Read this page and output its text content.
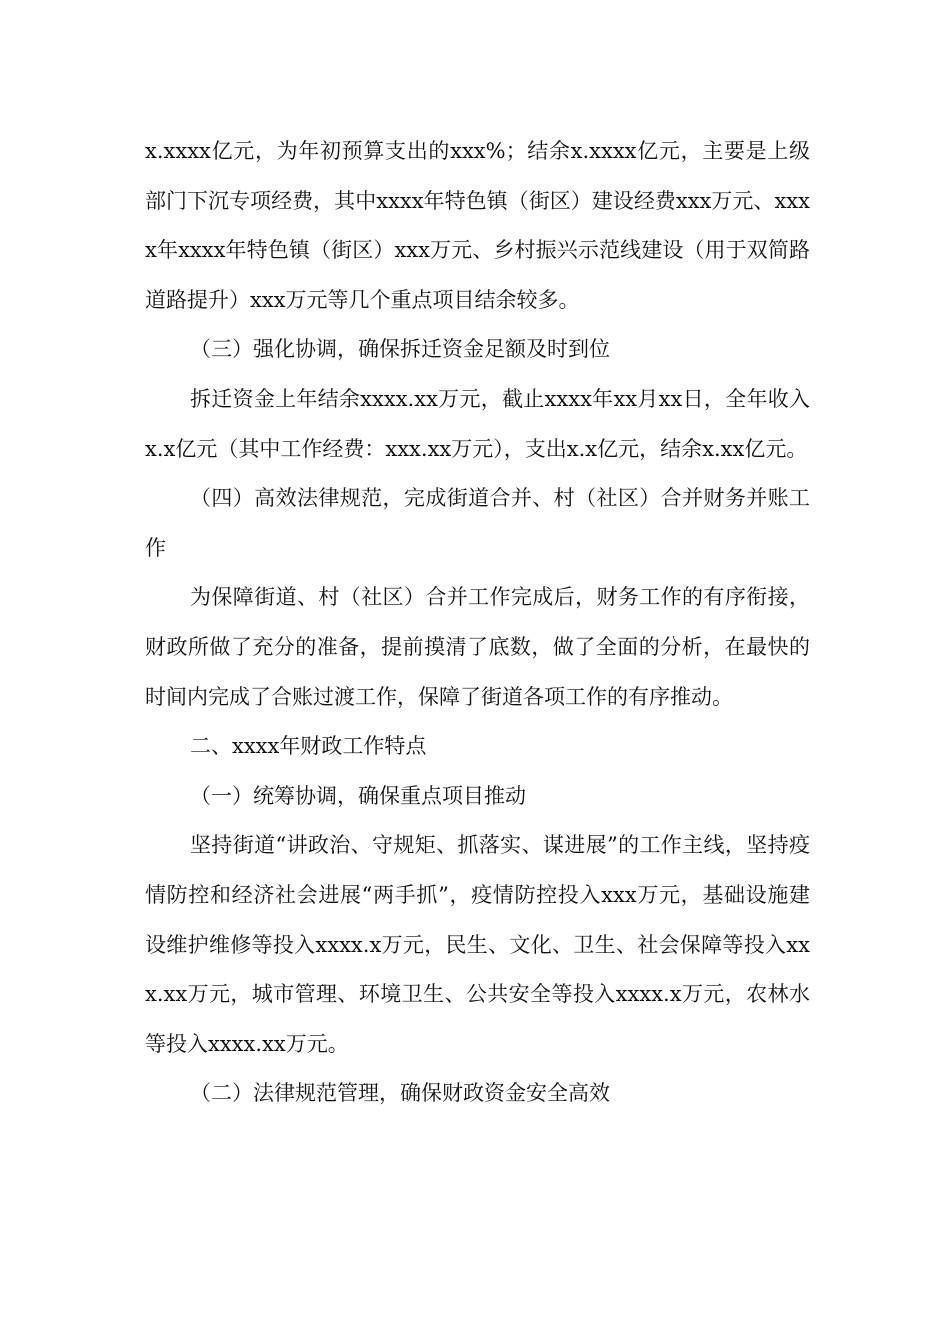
x.xxxx亿元，为年初预算支出的xxx%；结余x.xxxx亿元，主要是上级部门下沉专项经费，其中xxxx年特色镇（街区）建设经费xxx万元、xxxx年xxxx年特色镇（街区）xxx万元、乡村振兴示范线建设（用于双简路道路提升）xxx万元等几个重点项目结余较多。

（三）强化协调，确保拆迁资金足额及时到位

拆迁资金上年结余xxxx.xx万元，截止xxxx年xx月xx日，全年收入x.x亿元（其中工作经费：xxx.xx万元），支出x.x亿元，结余x.xx亿元。

（四）高效法律规范，完成街道合并、村（社区）合并财务并账工作

为保障街道、村（社区）合并工作完成后，财务工作的有序衔接，财政所做了充分的准备，提前摸清了底数，做了全面的分析，在最快的时间内完成了合账过渡工作，保障了街道各项工作的有序推动。

二、xxxx年财政工作特点

（一）统筹协调，确保重点项目推动

坚持街道“讲政治、守规矩、抓落实、谋进展”的工作主线，坚持疫情防控和经济社会进展“两手抓”，疫情防控投入xxx万元，基础设施建设维护维修等投入xxxx.x万元，民生、文化、卫生、社会保障等投入xxx.xx万元，城市管理、环境卫生、公共安全等投入xxxx.x万元，农林水等投入xxxx.xx万元。

（二）法律规范管理，确保财政资金安全高效
